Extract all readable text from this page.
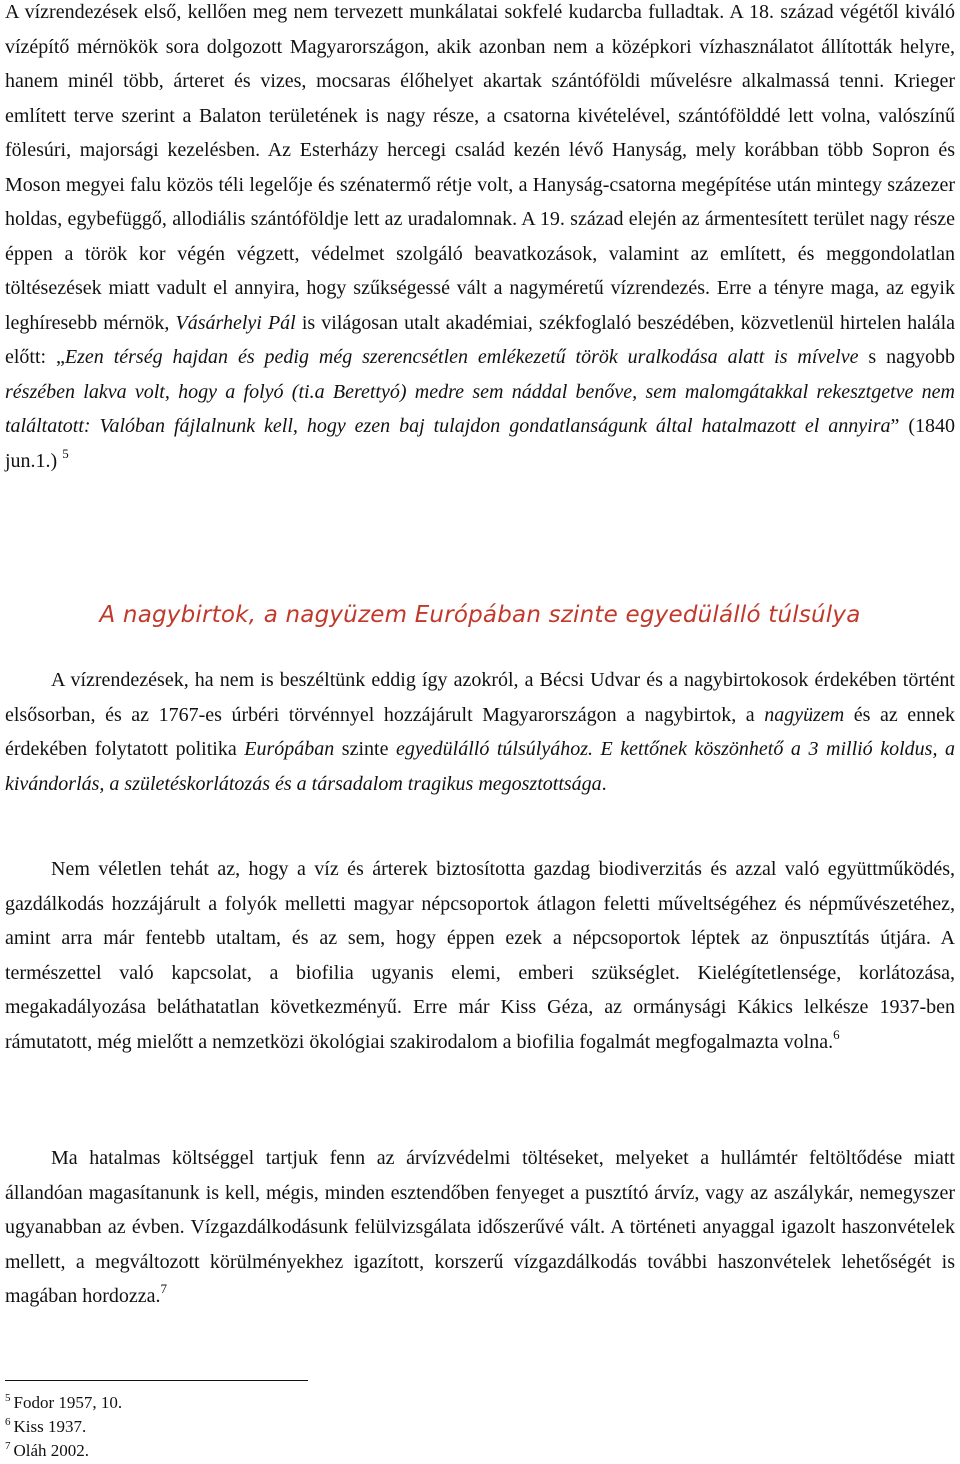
A vízrendezések első, kellően meg nem tervezett munkálatai sokfelé kudarcba fulladtak. A 18. század végétől kiváló vízépítő mérnökök sora dolgozott Magyarországon, akik azonban nem a középkori vízhasználatot állították helyre, hanem minél több, árteret és vizes, mocsaras élőhelyet akartak szántóföldi művelésre alkalmassá tenni. Krieger említett terve szerint a Balaton területének is nagy része, a csatorna kivételével, szántófölddé lett volna, valószínű fölesúri, majorsági kezelésben. Az Esterházy hercegi család kezén lévő Hanyság, mely korábban több Sopron és Moson megyei falu közös téli legelője és szénatermő rétje volt, a Hanyság-csatorna megépítése után mintegy százezer holdas, egybefüggő, allodiális szántóföldje lett az uradalomnak. A 19. század elején az ármentesített terület nagy része éppen a török kor végén végzett, védelmet szolgáló beavatkozások, valamint az említett, és meggondolatlan töltésezések miatt vadult el annyira, hogy szűkségessé vált a nagyméretű vízrendezés. Erre a tényre maga, az egyik leghíresebb mérnök, Vásárhelyi Pál is világosan utalt akadémiai, székfoglaló beszédében, közvetlenül hirtelen halála előtt: „Ezen térség hajdan és pedig még szerencsétlen emlékezetű török uralkodása alatt is mívelve s nagyobb részében lakva volt, hogy a folyó (ti.a Berettyó) medre sem náddal benőve, sem malomgátakkal rekesztgetve nem találtatott: Valóban fájlalnunk kell, hogy ezen baj tulajdon gondatlanságunk által hatalmazott el annyira” (1840 jun.1.) $^5$

A nagybirtok, a nagyüzem Európában szinte egyedülálló túlsúlya

A vízrendezések, ha nem is beszéltünk eddig így azokról, a Bécsi Udvar és a nagybirtokosok érdekében történt elsősorban, és az 1767-es úrbéri törvénnyel hozzájárult Magyarországon a nagybirtok, a nagyüzem és az ennek érdekében folytatott politika Európában szinte egyedülálló túlsúlyához. E kettőnek köszönhető a 3 millió koldus, a kivándorlás, a születéskorlátozás és a társadalom tragikus megosztottsága.

Nem véletlen tehát az, hogy a víz és árterek biztosította gazdag biodiverzitás és azzal való együttműködés, gazdálkodás hozzájárult a folyók melletti magyar népcsoportok átlagon feletti műveltségéhez és népművészetéhez, amint arra már fentebb utaltam, és az sem, hogy éppen ezek a népcsoportok léptek az önpusztítás útjára. A természettel való kapcsolat, a biofilia ugyanis elemi, emberi szükséglet. Kielégítetlensége, korlátozása, megakadályozása beláthatatlan következményű. Erre már Kiss Géza, az ormánysági Kákics lelkésze 1937-ben rámutatott, még mielőtt a nemzetközi ökológiai szakirodalom a biofilia fogalmát megfogalmazta volna.$^6$

Ma hatalmas költséggel tartjuk fenn az árvízvédelmi töltéseket, melyeket a hullámtér feltöltődése miatt állandóan magasítanunk is kell, mégis, minden esztendőben fenyeget a pusztító árvíz, vagy az aszálykár, nemegyszer ugyanabban az évben. Vízgazdálkodásunk felülvizsgálata időszerűvé vált. A történeti anyaggal igazolt haszonvételek mellett, a megváltozott körülményekhez igazított, korszerű vízgazdálkodás további haszonvételek lehetőségét is magában hordozza.$^7$

$^5$ Fodor 1957, 10.
$^6$ Kiss 1937.
$^7$ Oláh 2002.
